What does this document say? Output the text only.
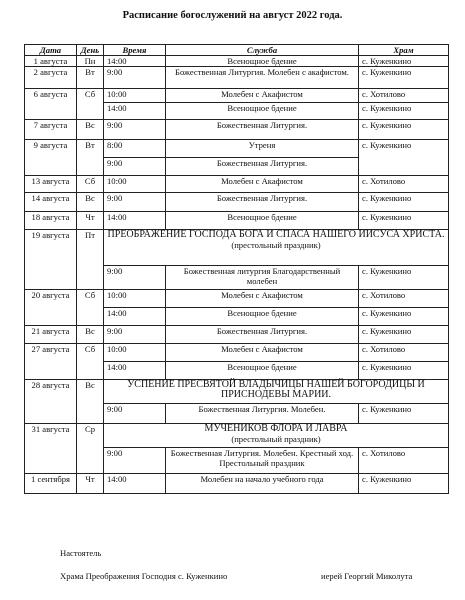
Расписание богослужений на август 2022 года.
Дата	День	Время	Служба	Храм
1 августа	Пн	14:00	Всенощное бдение	с. Куженкино
2 августа	Вт	9:00	Божественная Литургия. Молебен с акафистом.	с. Куженкино
6 августа	Сб	10:00	Молебен с Акафистом	с. Хотилово
		14:00	Всенощное бдение	с. Куженкино
7 августа	Вс	9:00	Божественная Литургия.	с. Куженкино
9 августа	Вт	8:00	Утреня	с. Куженкино
		9:00	Божественная Литургия.	
13 августа	Сб	10:00	Молебен с Акафистом	с. Хотилово
14 августа	Вс	9:00	Божественная Литургия.	с. Куженкино
18 августа	Чт	14:00	Всенощное бдение	с. Куженкино
19 августа	Пт	ПРЕОБРАЖЕНИЕ ГОСПОДА БОГА И СПАСА НАШЕГО ИИСУСА ХРИСТА.
(престольный праздник)		

		9:00	Божественная литургия Благодарственный молебен	с. Куженкино
20 августа	Сб	10:00	Молебен с Акафистом	с. Хотилово
		14:00	Всенощное бдение	с. Куженкино
21 августа	Вс	9:00	Божественная Литургия.	с. Куженкино
27 августа	Сб	10:00	Молебен с Акафистом	с. Хотилово
		14:00	Всенощное бдение	с. Куженкино
28 августа	Вс	УСПЕНИЕ ПРЕСВЯТОЙ ВЛАДЫЧИЦЫ НАШЕЙ БОГОРОДИЦЫ И ПРИСНОДЕВЫ МАРИИ.		
		9:00	Божественная Литургия. Молебен.	с. Куженкино
31 августа	Ср	МУЧЕНИКОВ ФЛОРА И ЛАВРА
(престольный праздник)		

		9:00	Божественная Литургия. Молебен. Крестный ход. Престольный праздник	с. Хотилово
1 сентября	Чт	14:00	Молебен на начало учебного года	с. Куженкино
Настоятель
Храма Преображения Господня с. Куженкино	иерей Георгий Миколута
